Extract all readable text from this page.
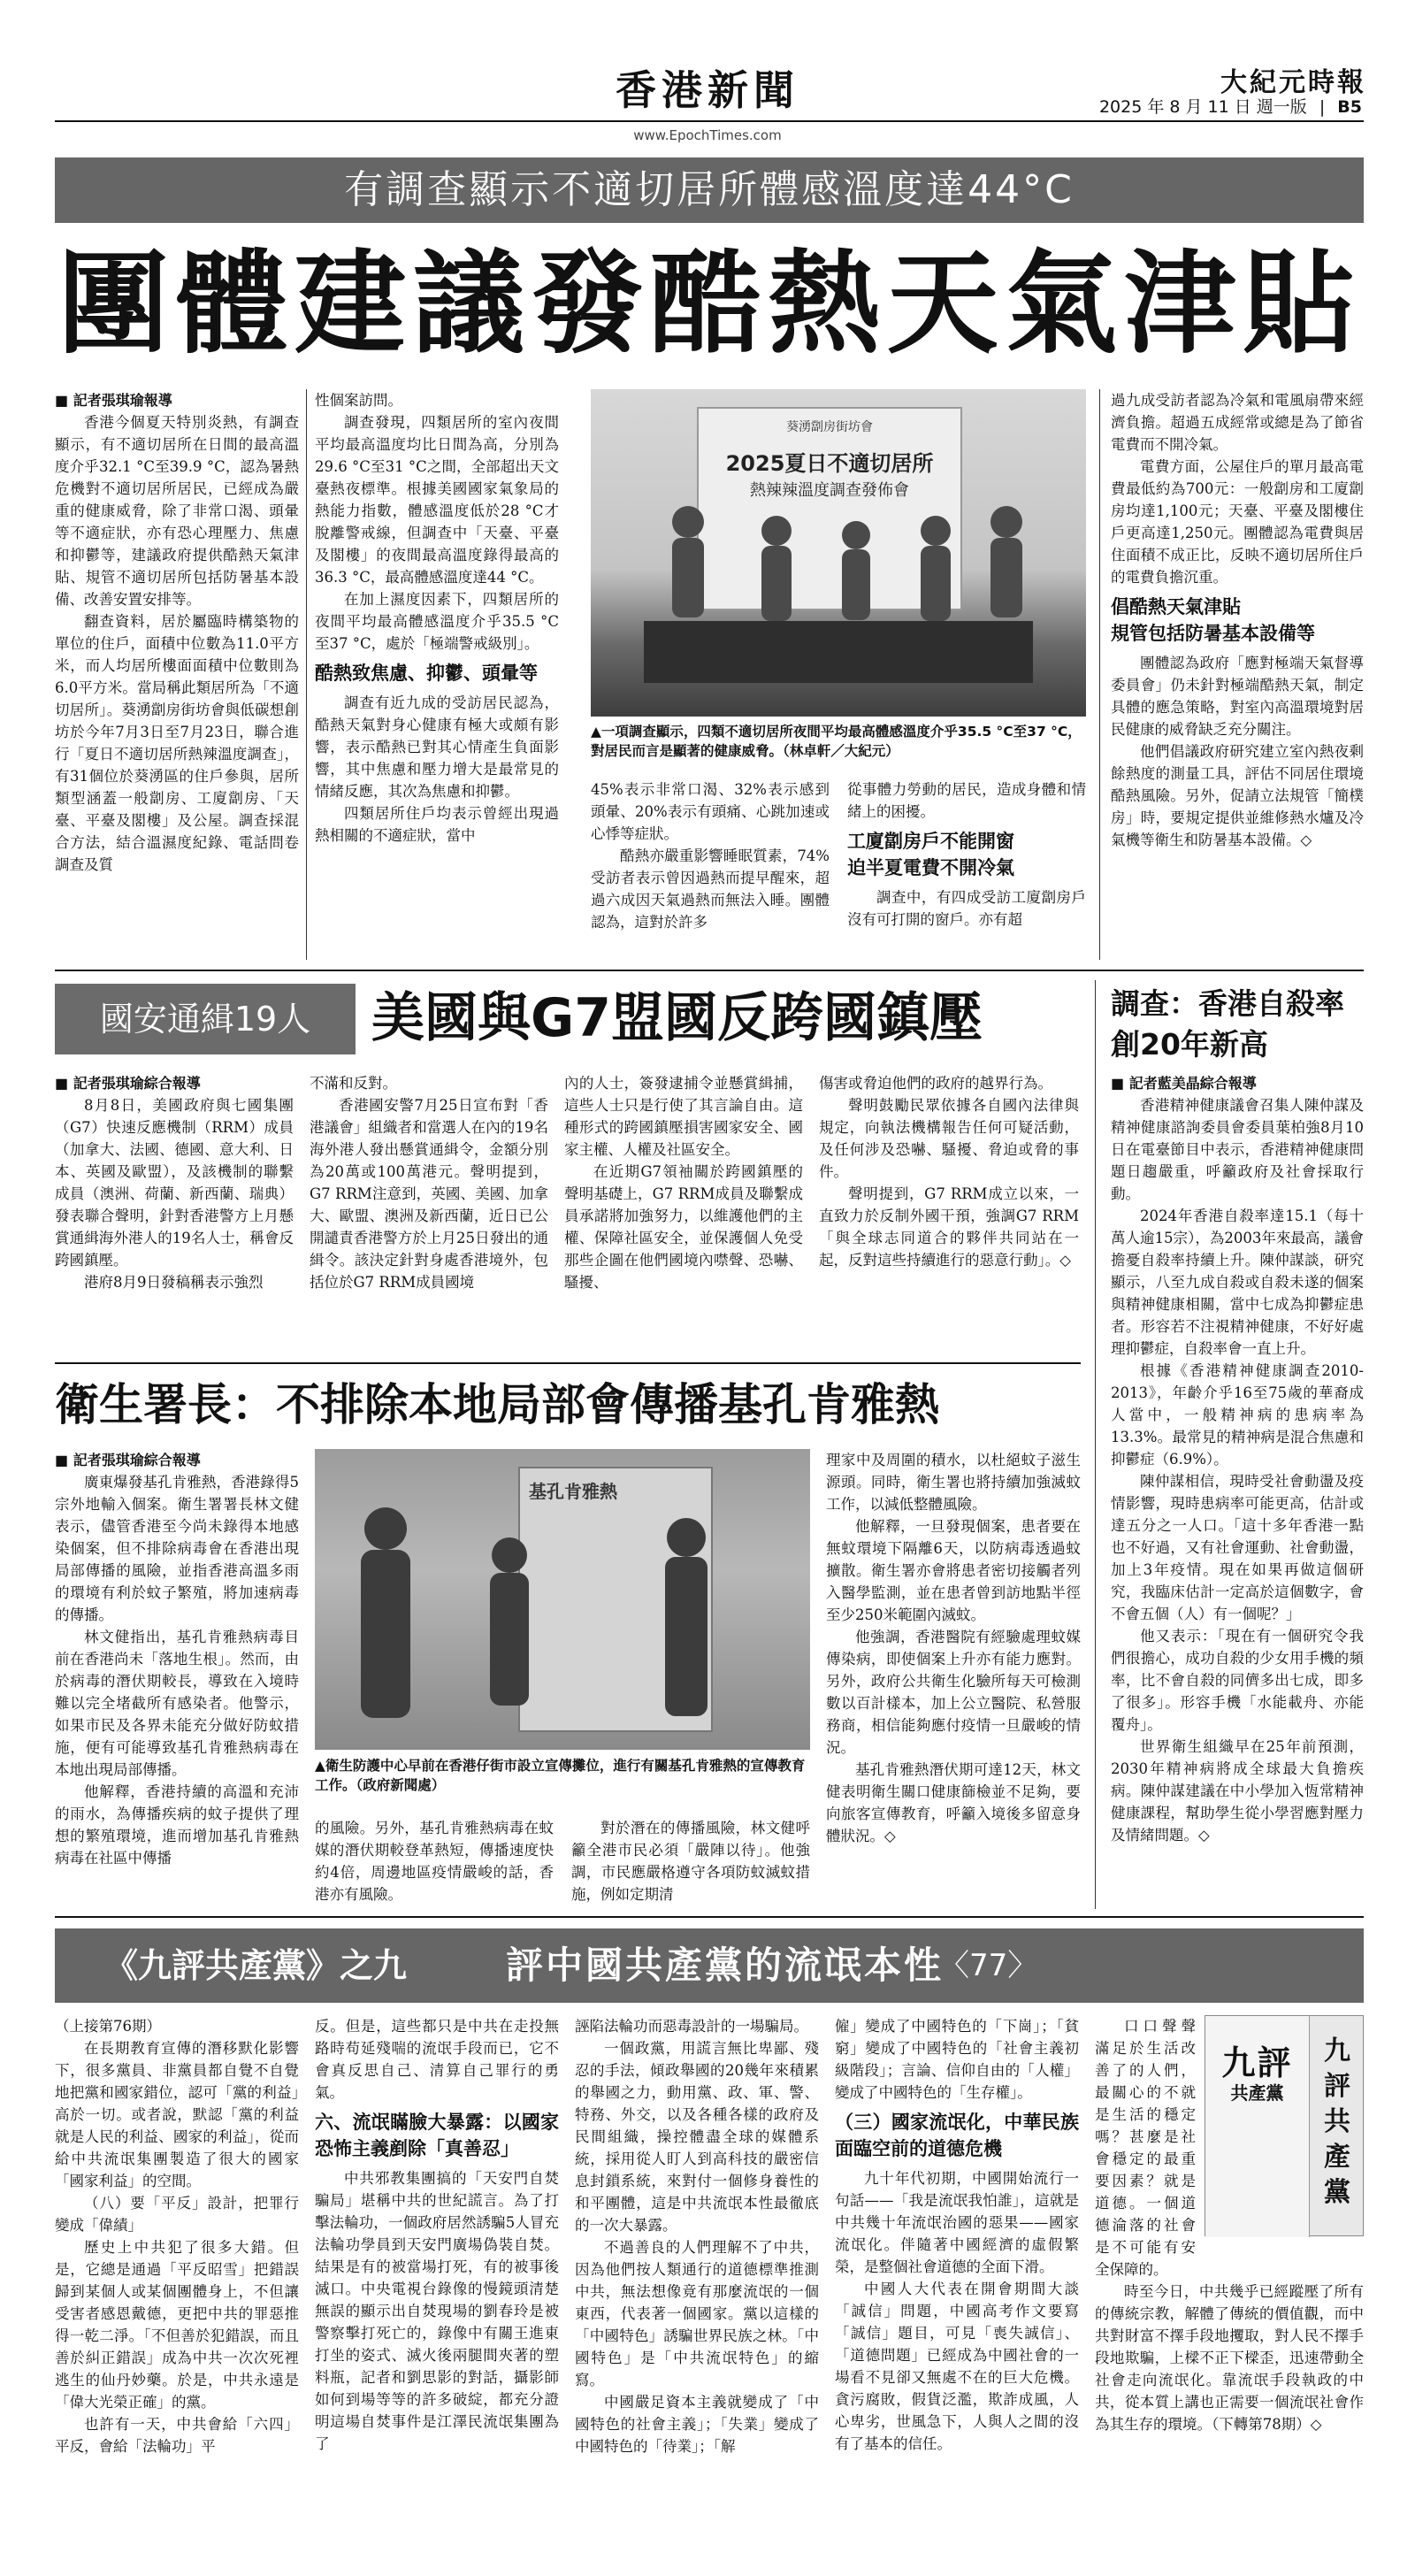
香港新聞
www.EpochTimes.com
大紀元時報
2025 年 8 月 11 日 週一版 | B5
有調查顯示不適切居所體感溫度達44°C
團體建議發酷熱天氣津貼

■ 記者張琪瑜報導

香港今個夏天特別炎熱，有調查顯示，有不適切居所在日間的最高溫度介乎32.1 °C至39.9 °C，認為暑熱危機對不適切居所居民，已經成為嚴重的健康威脅，除了非常口渴、頭暈等不適症狀，亦有恐心理壓力、焦慮和抑鬱等，建議政府提供酷熱天氣津貼、規管不適切居所包括防暑基本設備、改善安置安排等。

翻查資料，居於屬臨時構築物的單位的住戶，面積中位數為11.0平方米，而人均居所樓面面積中位數則為6.0平方米。當局稱此類居所為「不適切居所」。葵湧劏房街坊會與低碳想創坊於今年7月3日至7月23日，聯合進行「夏日不適切居所熱辣溫度調查」，有31個位於葵湧區的住戶參與，居所類型涵蓋一般劏房、工廈劏房、「天臺、平臺及閣樓」及公屋。調查採混合方法，結合溫濕度紀錄、電話問卷調查及質

性個案訪問。

調查發現，四類居所的室內夜間平均最高溫度均比日間為高，分別為29.6 °C至31 °C之間，全部超出天文臺熱夜標準。根據美國國家氣象局的熱能力指數，體感溫度低於28 °C才脫離警戒線，但調查中「天臺、平臺及閣樓」的夜間最高溫度錄得最高的36.3 °C，最高體感溫度達44 °C。

在加上濕度因素下，四類居所的夜間平均最高體感溫度介乎35.5 °C至37 °C，處於「極端警戒級別」。

酷熱致焦慮、抑鬱、頭暈等

調查有近九成的受訪居民認為，酷熱天氣對身心健康有極大或頗有影響，表示酷熱已對其心情產生負面影響，其中焦慮和壓力增大是最常見的情緒反應，其次為焦慮和抑鬱。

四類居所住戶均表示曾經出現過熱相關的不適症狀，當中

葵湧劏房街坊會
2025夏日不適切居所
熱辣辣溫度調查發佈會
▲一項調查顯示，四類不適切居所夜間平均最高體感溫度介乎35.5 °C至37 °C，對居民而言是顯著的健康威脅。（林卓軒／大紀元）

45%表示非常口渴、32%表示感到頭暈、20%表示有頭痛、心跳加速或心悸等症狀。

酷熱亦嚴重影響睡眠質素，74%受訪者表示曾因過熱而提早醒來，超過六成因天氣過熱而無法入睡。團體認為，這對於許多

從事體力勞動的居民，造成身體和情緒上的困擾。

工廈劏房戶不能開窗
迫半夏電費不開冷氣

調查中，有四成受訪工廈劏房戶沒有可打開的窗戶。亦有超

過九成受訪者認為冷氣和電風扇帶來經濟負擔。超過五成經常或總是為了節省電費而不開冷氣。

電費方面，公屋住戶的單月最高電費最低約為700元：一般劏房和工廈劏房均達1,100元；天臺、平臺及閣樓住戶更高達1,250元。團體認為電費與居住面積不成正比，反映不適切居所住戶的電費負擔沉重。

倡酷熱天氣津貼
規管包括防暑基本設備等

團體認為政府「應對極端天氣督導委員會」仍未針對極端酷熱天氣，制定具體的應急策略，對室內高溫環境對居民健康的威脅缺乏充分關注。

他們倡議政府研究建立室內熱夜剩餘熱度的測量工具，評估不同居住環境酷熱風險。另外，促請立法規管「簡樸房」時，要規定提供並維修熱水爐及冷氣機等衛生和防暑基本設備。◇

國安通緝19人	美國與G7盟國反跨國鎮壓

■ 記者張琪瑜綜合報導

8月8日，美國政府與七國集團（G7）快速反應機制（RRM）成員（加拿大、法國、德國、意大利、日本、英國及歐盟），及該機制的聯繫成員（澳洲、荷蘭、新西蘭、瑞典）發表聯合聲明，針對香港警方上月懸賞通緝海外港人的19名人士，稱會反跨國鎮壓。

港府8月9日發稿稱表示強烈

不滿和反對。

香港國安警7月25日宣布對「香港議會」組織者和當選人在內的19名海外港人發出懸賞通緝令，金額分別為20萬或100萬港元。聲明提到，G7 RRM注意到，英國、美國、加拿大、歐盟、澳洲及新西蘭，近日已公開譴責香港警方於上月25日發出的通緝令。該決定針對身處香港境外，包括位於G7 RRM成員國境

內的人士，簽發逮捕令並懸賞緝捕，這些人士只是行使了其言論自由。這種形式的跨國鎮壓損害國家安全、國家主權、人權及社區安全。

在近期G7領袖關於跨國鎮壓的聲明基礎上，G7 RRM成員及聯繫成員承諾將加強努力，以維護他們的主權、保障社區安全，並保護個人免受那些企圖在他們國境內噤聲、恐嚇、騷擾、

傷害或脅迫他們的政府的越界行為。

聲明鼓勵民眾依據各自國內法律與規定，向執法機構報告任何可疑活動，及任何涉及恐嚇、騷擾、脅迫或脅的事件。

聲明提到，G7 RRM成立以來，一直致力於反制外國干預，強調G7 RRM「與全球志同道合的夥伴共同站在一起，反對這些持續進行的惡意行動」。◇

調查：香港自殺率創20年新高

■ 記者藍美晶綜合報導

香港精神健康議會召集人陳仲謀及精神健康諮詢委員會委員葉柏強8月10日在電臺節目中表示，香港精神健康問題日趨嚴重，呼籲政府及社會採取行動。

2024年香港自殺率達15.1（每十萬人逾15宗），為2003年來最高，議會擔憂自殺率持續上升。陳仲謀談，研究顯示，八至九成自殺或自殺未遂的個案與精神健康相關，當中七成為抑鬱症患者。形容若不注視精神健康，不好好處理抑鬱症，自殺率會一直上升。

根據《香港精神健康調查2010-2013》，年齡介乎16至75歲的華裔成人當中，一般精神病的患病率為13.3%。最常見的精神病是混合焦慮和抑鬱症（6.9%）。

陳仲謀相信，現時受社會動盪及疫情影響，現時患病率可能更高，估計或達五分之一人口。「這十多年香港一點也不好過，又有社會運動、社會動盪，加上3年疫情。現在如果再做這個研究，我臨床估計一定高於這個數字，會不會五個（人）有一個呢？」

他又表示：「現在有一個研究令我們很擔心，成功自殺的少女用手機的頻率，比不會自殺的同儕多出七成，即多了很多」。形容手機「水能載舟、亦能覆舟」。

世界衛生組織早在25年前預測，2030年精神病將成全球最大負擔疾病。陳仲謀建議在中小學加入恆常精神健康課程，幫助學生從小學習應對壓力及情緒問題。◇

衛生署長：不排除本地局部會傳播基孔肯雅熱

■ 記者張琪瑜綜合報導

廣東爆發基孔肯雅熱，香港錄得5宗外地輸入個案。衛生署署長林文健表示，儘管香港至今尚未錄得本地感染個案，但不排除病毒會在香港出現局部傳播的風險，並指香港高溫多雨的環境有利於蚊子繁殖，將加速病毒的傳播。

林文健指出，基孔肯雅熱病毒目前在香港尚未「落地生根」。然而，由於病毒的潛伏期較長，導致在入境時難以完全堵截所有感染者。他警示，如果市民及各界未能充分做好防蚊措施，便有可能導致基孔肯雅熱病毒在本地出現局部傳播。

他解釋，香港持續的高溫和充沛的雨水，為傳播疾病的蚊子提供了理想的繁殖環境，進而增加基孔肯雅熱病毒在社區中傳播

基孔肯雅熱
▲衛生防護中心早前在香港仔街市設立宣傳攤位，進行有關基孔肯雅熱的宣傳教育工作。（政府新聞處）

的風險。另外，基孔肯雅熱病毒在蚊媒的潛伏期較登革熱短，傳播速度快約4倍，周邊地區疫情嚴峻的話，香港亦有風險。

對於潛在的傳播風險，林文健呼籲全港市民必須「嚴陣以待」。他強調，市民應嚴格遵守各項防蚊滅蚊措施，例如定期清

理家中及周圍的積水，以杜絕蚊子滋生源頭。同時，衛生署也將持續加強滅蚊工作，以減低整體風險。

他解釋，一旦發現個案，患者要在無蚊環境下隔離6天，以防病毒透過蚊擴散。衛生署亦會將患者密切接觸者列入醫學監測，並在患者曾到訪地點半徑至少250米範圍內滅蚊。

他強調，香港醫院有經驗處理蚊媒傳染病，即使個案上升亦有能力應對。另外，政府公共衛生化驗所每天可檢測數以百計樣本，加上公立醫院、私營服務商，相信能夠應付疫情一旦嚴峻的情況。

基孔肯雅熱潛伏期可達12天，林文健表明衛生關口健康篩檢並不足夠，要向旅客宣傳教育，呼籲入境後多留意身體狀況。◇

《九評共產黨》之九	評中國共產黨的流氓本性
〈77〉

（上接第76期）

在長期教育宣傳的潛移默化影響下，很多黨員、非黨員都自覺不自覺地把黨和國家錯位，認可「黨的利益」高於一切。或者說，默認「黨的利益就是人民的利益、國家的利益」，從而給中共流氓集團製造了很大的國家「國家利益」的空間。

（八）要「平反」設計，把罪行變成「偉績」

歷史上中共犯了很多大錯。但是，它總是通過「平反昭雪」把錯誤歸到某個人或某個團體身上，不但讓受害者感恩戴德，更把中共的罪惡推得一乾二淨。「不但善於犯錯誤，而且善於糾正錯誤」成為中共一次次死裡逃生的仙丹妙藥。於是，中共永遠是「偉大光榮正確」的黨。

也許有一天，中共會給「六四」平反，會給「法輪功」平

反。但是，這些都只是中共在走投無路時苟延殘喘的流氓手段而已，它不會真反思自己、清算自己罪行的勇氣。

六、流氓瞞臉大暴露：以國家恐怖主義剷除「真善忍」

中共邪教集團搞的「天安門自焚騙局」堪稱中共的世紀謊言。為了打擊法輪功，一個政府居然誘騙5人冒充法輪功學員到天安門廣場偽裝自焚。結果是有的被當場打死，有的被事後滅口。中央電視台錄像的慢鏡頭清楚無誤的顯示出自焚現場的劉春玲是被警察擊打死亡的，錄像中有關王進東打坐的姿式、滅火後兩腿間夾著的塑料瓶，記者和劉思影的對話，攝影師如何到場等等的許多破綻，都充分證明這場自焚事件是江澤民流氓集團為了

誣陷法輪功而惡毒設計的一場騙局。

一個政黨，用謊言無比卑鄙、殘忍的手法，傾政舉國的20幾年來積累的舉國之力，動用黨、政、軍、警、特務、外交，以及各種各樣的政府及民間組織，操控體盡全球的媒體系統，採用從人盯人到高科技的嚴密信息封鎖系統，來對付一個修身養性的和平團體，這是中共流氓本性最徹底的一次大暴露。

不過善良的人們理解不了中共，因為他們按人類通行的道德標準推測中共，無法想像竟有那麼流氓的一個東西，代表著一個國家。黨以這樣的「中國特色」誘騙世界民族之林。「中國特色」是「中共流氓特色」的縮寫。

中國嚴足資本主義就變成了「中國特色的社會主義」；「失業」變成了中國特色的「待業」；「解

僱」變成了中國特色的「下崗」；「貧窮」變成了中國特色的「社會主義初級階段」；言論、信仰自由的「人權」變成了中國特色的「生存權」。

（三）國家流氓化，中華民族面臨空前的道德危機

九十年代初期，中國開始流行一句話——「我是流氓我怕誰」，這就是中共幾十年流氓治國的惡果——國家流氓化。伴隨著中國經濟的虛假繁榮，是整個社會道德的全面下滑。

中國人大代表在開會期間大談「誠信」問題，中國高考作文要寫「誠信」題目，可見「喪失誠信」、「道德問題」已經成為中國社會的一場看不見卻又無處不在的巨大危機。貪污腐敗，假貨泛濫，欺詐成風，人心卑劣，世風急下，人與人之間的沒有了基本的信任。

九評
共產黨
九評共產黨

口口聲聲滿足於生活改善了的人們，最關心的不就是生活的穩定嗎？甚麼是社會穩定的最重要因素？就是道德。一個道德淪落的社會是不可能有安全保障的。

時至今日，中共幾乎已經蹤壓了所有的傳統宗教，解體了傳統的價值觀，而中共對財富不擇手段地攫取，對人民不擇手段地欺騙，上樑不正下樑歪，迅速帶動全社會走向流氓化。靠流氓手段執政的中共，從本質上講也正需要一個流氓社會作為其生存的環境。（下轉第78期）◇
